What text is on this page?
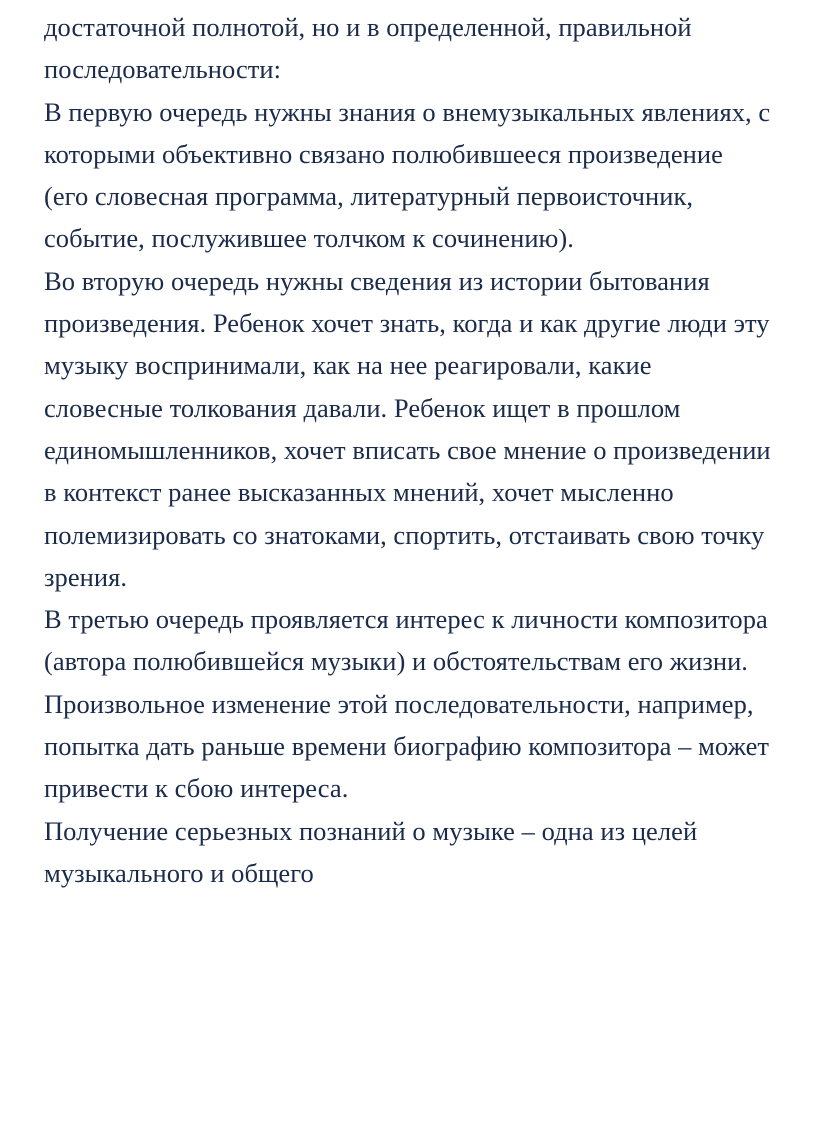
достаточной полнотой, но и в определенной, правильной последовательности:

В первую очередь нужны знания о внемузыкальных явлениях, с которыми объективно связано полюбившееся произведение (его словесная программа, литературный первоисточник, событие, послужившее толчком к сочинению).

Во вторую очередь нужны сведения из истории бытования произведения. Ребенок хочет знать, когда и как другие люди эту музыку воспринимали, как на нее реагировали, какие словесные толкования давали. Ребенок ищет в прошлом единомышленников, хочет вписать свое мнение о произведении в контекст ранее высказанных мнений, хочет мысленно полемизировать со знатоками, спортить, отстаивать свою точку зрения.

В третью очередь проявляется интерес к личности композитора (автора полюбившейся музыки) и обстоятельствам его жизни.

Произвольное изменение этой последовательности, например, попытка дать раньше времени биографию композитора – может привести к сбою интереса.

Получение серьезных познаний о музыке – одна из целей музыкального и общего
